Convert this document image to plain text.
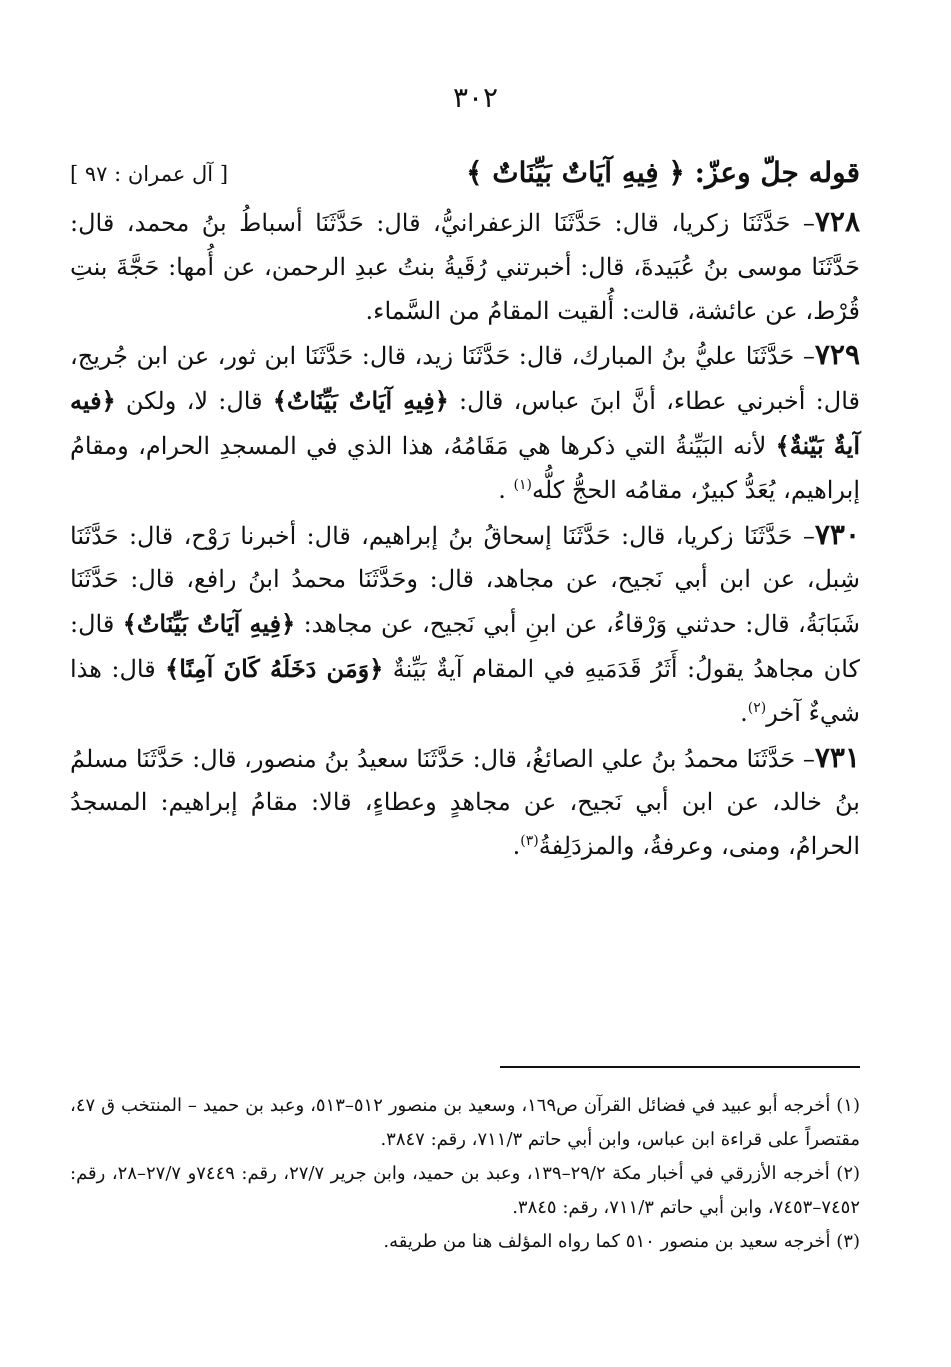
٣٠٢
قوله جلّ وعزّ: ﴿ فِيهِ آيَاتٌ بَيِّنَاتٌ ﴾
[ آل عمران : ٩٧ ]

٧٢٨– حَدَّثَنَا زكريا، قال: حَدَّثَنَا الزعفرانيُّ، قال: حَدَّثَنَا أسباطُ بنُ محمد، قال: حَدَّثَنَا موسى بنُ عُبَيدةَ، قال: أخبرتني رُقَيةُ بنتُ عبدِ الرحمن، عن أُمها: حَجَّةَ بنتِ قُرْط، عن عائشة، قالت: أُلقيت المقامُ من السَّماء.

٧٢٩– حَدَّثَنَا عليُّ بنُ المبارك، قال: حَدَّثَنَا زيد، قال: حَدَّثَنَا ابن ثور، عن ابن جُريج، قال: أخبرني عطاء، أنَّ ابنَ عباس، قال: ﴿فِيهِ آيَاتٌ بَيِّنَاتٌ﴾ قال: لا، ولكن ﴿فيه آيةٌ بَيّنةٌ﴾ لأنه البَيِّنةُ التي ذكرها هي مَقَامُهُ، هذا الذي في المسجدِ الحرام، ومقامُ إبراهيم، يُعَدُّ كبيرٌ، مقامُه الحجُّ كلُّه$^{(١)}$ .

٧٣٠– حَدَّثَنَا زكريا، قال: حَدَّثَنَا إسحاقُ بنُ إبراهيم، قال: أخبرنا رَوْح، قال: حَدَّثَنَا شِبل، عن ابن أبي نَجيح، عن مجاهد، قال: وحَدَّثَنَا محمدُ ابنُ رافع، قال: حَدَّثَنَا شَبَابَةُ، قال: حدثني وَرْقاءُ، عن ابنِ أبي نَجيح، عن مجاهد: ﴿فِيهِ آيَاتٌ بَيِّنَاتٌ﴾ قال: كان مجاهدُ يقولُ: أَثَرُ قَدَمَيهِ في المقام آيةٌ بَيِّنةٌ ﴿وَمَن دَخَلَهُ كَانَ آمِنًا﴾ قال: هذا شيءٌ آخر$^{(٢)}$.

٧٣١– حَدَّثَنَا محمدُ بنُ علي الصائغُ، قال: حَدَّثَنَا سعيدُ بنُ منصور، قال: حَدَّثَنَا مسلمُ بنُ خالد، عن ابن أبي نَجيح، عن مجاهدٍ وعطاءٍ، قالا: مقامُ إبراهيم: المسجدُ الحرامُ، ومنى، وعرفةُ، والمزدَلِفةُ$^{(٣)}$.

(١) أخرجه أبو عبيد في فضائل القرآن ص١٦٩، وسعيد بن منصور ٥١٢–٥١٣، وعبد بن حميد – المنتخب ق ٤٧، مقتصراً على قراءة ابن عباس، وابن أبي حاتم ٧١١/٣، رقم: ٣٨٤٧.

(٢) أخرجه الأزرقي في أخبار مكة ٢٩/٢–١٣٩، وعبد بن حميد، وابن جرير ٢٧/٧، رقم: ٧٤٤٩و ٢٧/٧–٢٨، رقم: ٧٤٥٢–٧٤٥٣، وابن أبي حاتم ٧١١/٣، رقم: ٣٨٤٥.

(٣) أخرجه سعيد بن منصور ٥١٠ كما رواه المؤلف هنا من طريقه.
